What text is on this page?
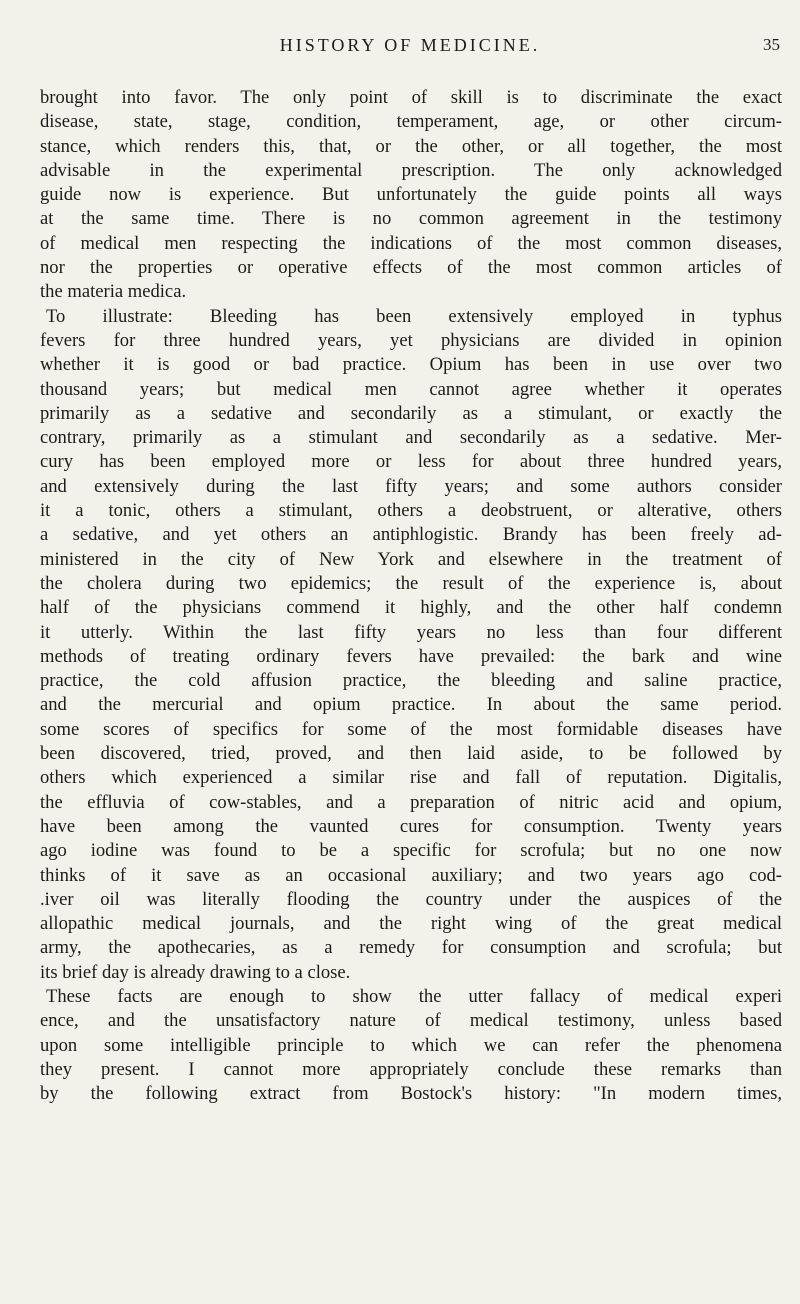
HISTORY OF MEDICINE.	35
brought into favor. The only point of skill is to discriminate the exact
disease, state, stage, condition, temperament, age, or other circum-
stance, which renders this, that, or the other, or all together, the most
advisable in the experimental prescription. The only acknowledged
guide now is experience. But unfortunately the guide points all ways
at the same time. There is no common agreement in the testimony
of medical men respecting the indications of the most common diseases,
nor the properties or operative effects of the most common articles of
the materia medica.
To illustrate: Bleeding has been extensively employed in typhus
fevers for three hundred years, yet physicians are divided in opinion
whether it is good or bad practice. Opium has been in use over two
thousand years; but medical men cannot agree whether it operates
primarily as a sedative and secondarily as a stimulant, or exactly the
contrary, primarily as a stimulant and secondarily as a sedative. Mer-
cury has been employed more or less for about three hundred years,
and extensively during the last fifty years; and some authors consider
it a tonic, others a stimulant, others a deobstruent, or alterative, others
a sedative, and yet others an antiphlogistic. Brandy has been freely ad-
ministered in the city of New York and elsewhere in the treatment of
the cholera during two epidemics; the result of the experience is, about
half of the physicians commend it highly, and the other half condemn
it utterly. Within the last fifty years no less than four different
methods of treating ordinary fevers have prevailed: the bark and wine
practice, the cold affusion practice, the bleeding and saline practice,
and the mercurial and opium practice. In about the same period.
some scores of specifics for some of the most formidable diseases have
been discovered, tried, proved, and then laid aside, to be followed by
others which experienced a similar rise and fall of reputation. Digitalis,
the effluvia of cow-stables, and a preparation of nitric acid and opium,
have been among the vaunted cures for consumption. Twenty years
ago iodine was found to be a specific for scrofula; but no one now
thinks of it save as an occasional auxiliary; and two years ago cod-
.iver oil was literally flooding the country under the auspices of the
allopathic medical journals, and the right wing of the great medical
army, the apothecaries, as a remedy for consumption and scrofula; but
its brief day is already drawing to a close.
These facts are enough to show the utter fallacy of medical experi
ence, and the unsatisfactory nature of medical testimony, unless based
upon some intelligible principle to which we can refer the phenomena
they present. I cannot more appropriately conclude these remarks than
by the following extract from Bostock's history: "In modern times,
